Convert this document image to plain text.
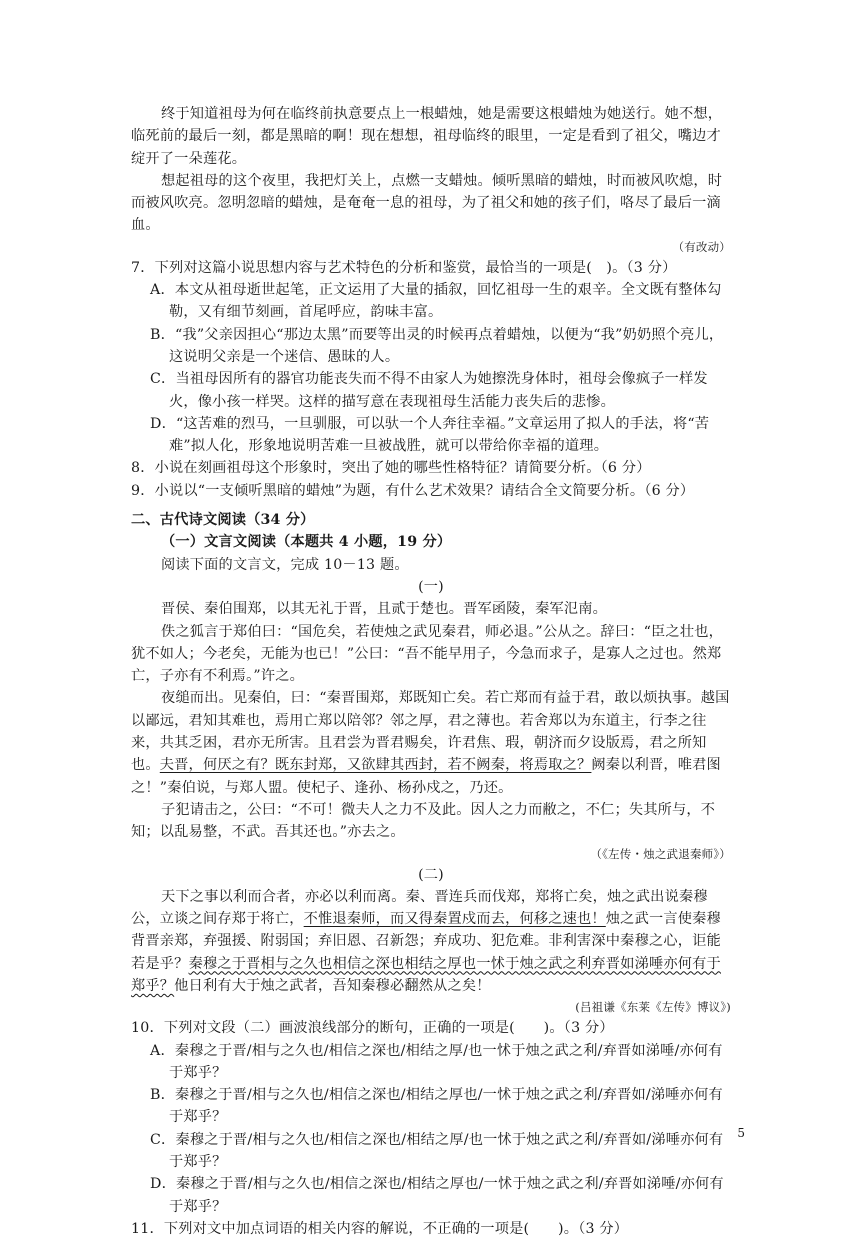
终于知道祖母为何在临终前执意要点上一根蜡烛，她是需要这根蜡烛为她送行。她不想，临死前的最后一刻，都是黑暗的啊！现在想想，祖母临终的眼里，一定是看到了祖父，嘴边才绽开了一朵莲花。

想起祖母的这个夜里，我把灯关上，点燃一支蜡烛。倾听黑暗的蜡烛，时而被风吹熄，时而被风吹亮。忽明忽暗的蜡烛，是奄奄一息的祖母，为了祖父和她的孩子们，咯尽了最后一滴血。

（有改动）

7．下列对这篇小说思想内容与艺术特色的分析和鉴赏，最恰当的一项是(　)。（3 分）

A．本文从祖母逝世起笔，正文运用了大量的插叙，回忆祖母一生的艰辛。全文既有整体勾勒，又有细节刻画，首尾呼应，韵味丰富。

B．“我”父亲因担心“那边太黑”而要等出灵的时候再点着蜡烛，以便为“我”奶奶照个亮儿，这说明父亲是一个迷信、愚昧的人。

C．当祖母因所有的器官功能丧失而不得不由家人为她擦洗身体时，祖母会像疯子一样发火，像小孩一样哭。这样的描写意在表现祖母生活能力丧失后的悲惨。

D．“这苦难的烈马，一旦驯服，可以驮一个人奔往幸福。”文章运用了拟人的手法，将“苦难”拟人化，形象地说明苦难一旦被战胜，就可以带给你幸福的道理。

8．小说在刻画祖母这个形象时，突出了她的哪些性格特征？请简要分析。（6 分）

9．小说以“一支倾听黑暗的蜡烛”为题，有什么艺术效果？请结合全文简要分析。（6 分）

二、古代诗文阅读（34 分）

（一）文言文阅读（本题共 4 小题，19 分）

阅读下面的文言文，完成 10－13 题。

(一)

晋侯、秦伯围郑，以其无礼于晋，且贰于楚也。晋军函陵，秦军氾南。

佚之狐言于郑伯曰：“国危矣，若使烛之武见秦君，师必退。”公从之。辞曰：“臣之壮也，犹不如人；今老矣，无能为也已！”公曰：“吾不能早用子，今急而求子，是寡人之过也。然郑亡，子亦有不利焉。”许之。

夜缒而出。见秦伯，曰：“秦晋围郑，郑既知亡矣。若亡郑而有益于君，敢以烦执事。越国以鄙远，君知其难也，焉用亡郑以陪邻？邻之厚，君之薄也。若舍郑以为东道主，行李之往来，共其乏困，君亦无所害。且君尝为晋君赐矣，许君焦、瑕，朝济而夕设版焉，君之所知也。夫晋，何厌之有？既东封郑，又欲肆其西封，若不阙秦，将焉取之？阙秦以利晋，唯君图之！”秦伯说，与郑人盟。使杞子、逢孙、杨孙戍之，乃还。

子犯请击之，公曰：“不可！微夫人之力不及此。因人之力而敝之，不仁；失其所与，不知；以乱易整，不武。吾其还也。”亦去之。

（《左传・烛之武退秦师》）

(二)

天下之事以利而合者，亦必以利而离。秦、晋连兵而伐郑，郑将亡矣，烛之武出说秦穆公，立谈之间存郑于将亡，不惟退秦师，而又得秦置戍而去，何移之速也！烛之武一言使秦穆背晋亲郑，弃强援、附弱国；弃旧恩、召新怨；弃成功、犯危难。非利害深中秦穆之心，讵能若是乎？秦穆之于晋相与之久也相信之深也相结之厚也一怵于烛之武之利弃晋如涕唾亦何有于郑乎？他日利有大于烛之武者，吾知秦穆必翻然从之矣！

(吕祖谦《东莱《左传》博议》)

10．下列对文段（二）画波浪线部分的断句，正确的一项是(　　)。（3 分）

A．秦穆之于晋/相与之久也/相信之深也/相结之厚/也一怵于烛之武之利/弃晋如涕唾/亦何有于郑乎？

B．秦穆之于晋/相与之久也/相信之深也/相结之厚也/一怵于烛之武之利/弃晋如/涕唾亦何有于郑乎？

C．秦穆之于晋/相与之久也/相信之深也/相结之厚/也一怵于烛之武之利/弃晋如/涕唾亦何有于郑乎？

D．秦穆之于晋/相与之久也/相信之深也/相结之厚也/一怵于烛之武之利/弃晋如涕唾/亦何有于郑乎？

11．下列对文中加点词语的相关内容的解说，不正确的一项是(　　)。（3 分）

5
